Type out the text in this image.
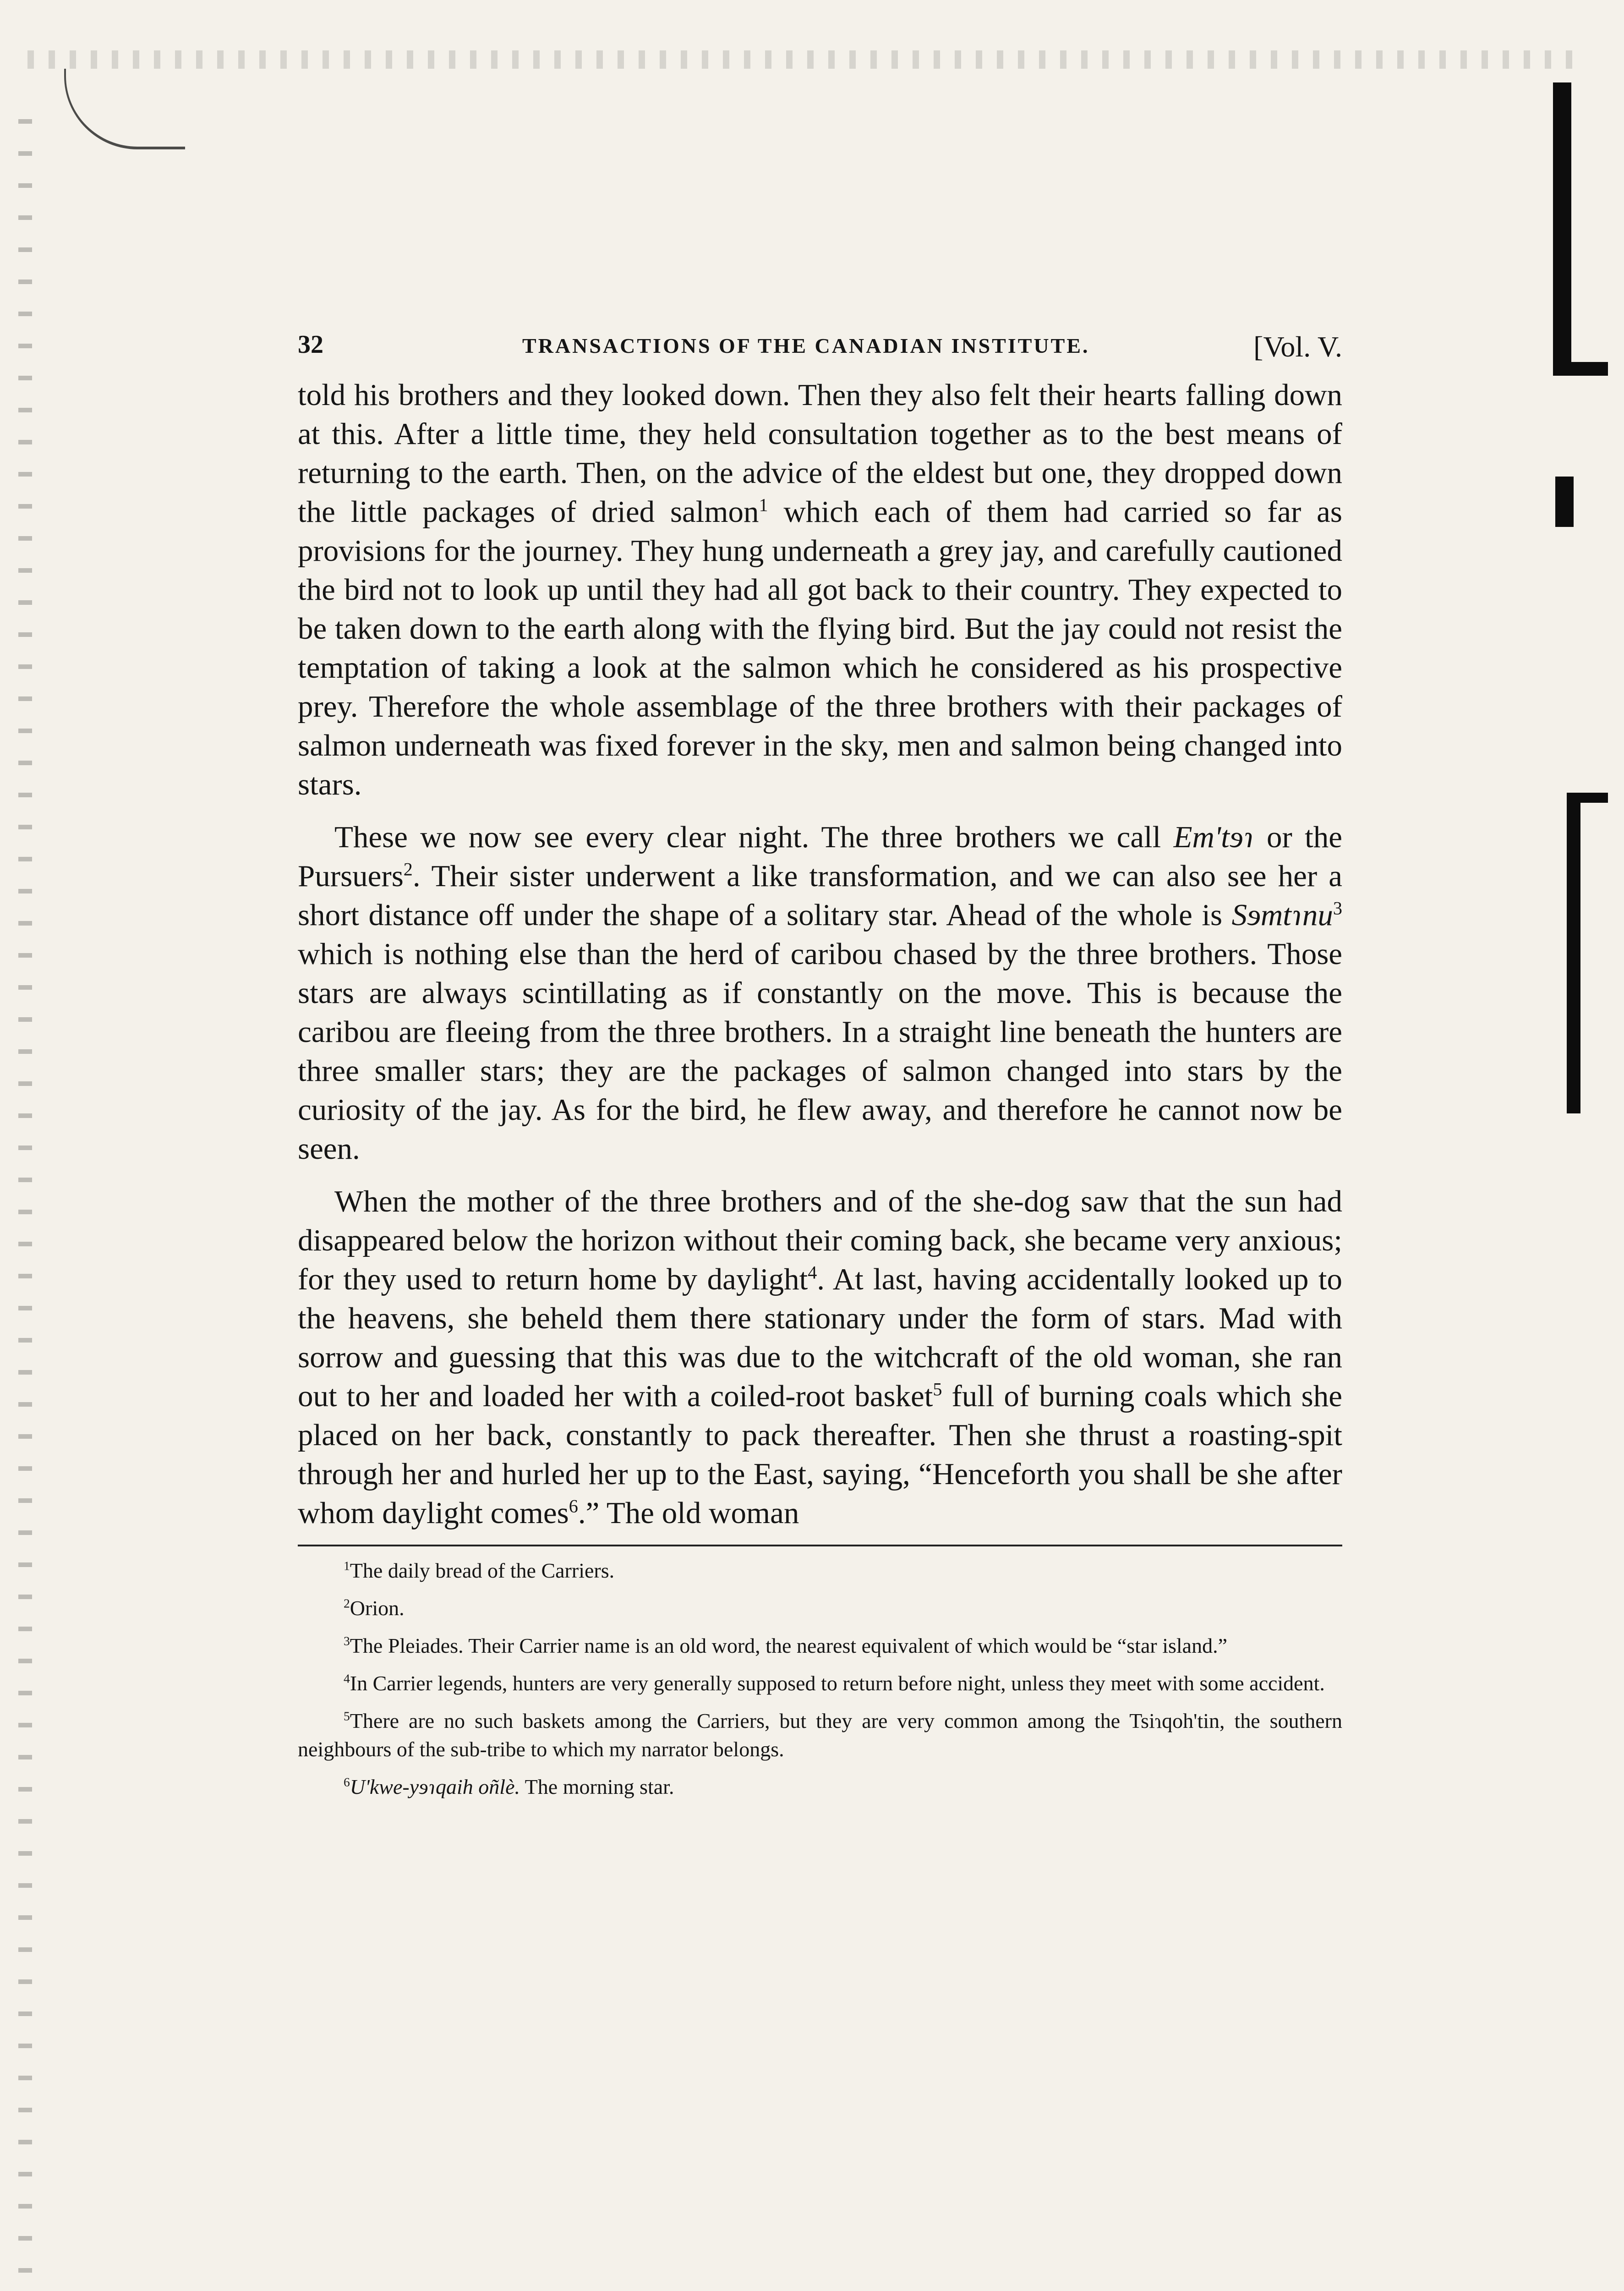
32	TRANSACTIONS OF THE CANADIAN INSTITUTE.	[Vol. V.

told his brothers and they looked down. Then they also felt their hearts falling down at this. After a little time, they held consultation together as to the best means of returning to the earth. Then, on the advice of the eldest but one, they dropped down the little packages of dried salmon$^1$ which each of them had carried so far as provisions for the journey. They hung underneath a grey jay, and carefully cautioned the bird not to look up until they had all got back to their country. They expected to be taken down to the earth along with the flying bird. But the jay could not resist the temptation of taking a look at the salmon which he considered as his prospective prey. Therefore the whole assemblage of the three brothers with their packages of salmon underneath was fixed forever in the sky, men and salmon being changed into stars.

These we now see every clear night. The three brothers we call Em'tɘɿ or the Pursuers$^2$. Their sister underwent a like transformation, and we can also see her a short distance off under the shape of a solitary star. Ahead of the whole is Sɘmtɿnu$^3$ which is nothing else than the herd of caribou chased by the three brothers. Those stars are always scintillating as if constantly on the move. This is because the caribou are fleeing from the three brothers. In a straight line beneath the hunters are three smaller stars; they are the packages of salmon changed into stars by the curiosity of the jay. As for the bird, he flew away, and therefore he cannot now be seen.

When the mother of the three brothers and of the she-dog saw that the sun had disappeared below the horizon without their coming back, she became very anxious; for they used to return home by daylight$^4$. At last, having accidentally looked up to the heavens, she beheld them there stationary under the form of stars. Mad with sorrow and guessing that this was due to the witchcraft of the old woman, she ran out to her and loaded her with a coiled-root basket$^5$ full of burning coals which she placed on her back, constantly to pack thereafter. Then she thrust a roasting-spit through her and hurled her up to the East, saying, “Henceforth you shall be she after whom daylight comes$^6$.” The old woman

$^1$The daily bread of the Carriers.

$^2$Orion.

$^3$The Pleiades. Their Carrier name is an old word, the nearest equivalent of which would be “star island.”

$^4$In Carrier legends, hunters are very generally supposed to return before night, unless they meet with some accident.

$^5$There are no such baskets among the Carriers, but they are very common among the Tsiɿqoh'tin, the southern neighbours of the sub-tribe to which my narrator belongs.

$^6$U'kwe-yɘɿqaih oñlè. The morning star.
